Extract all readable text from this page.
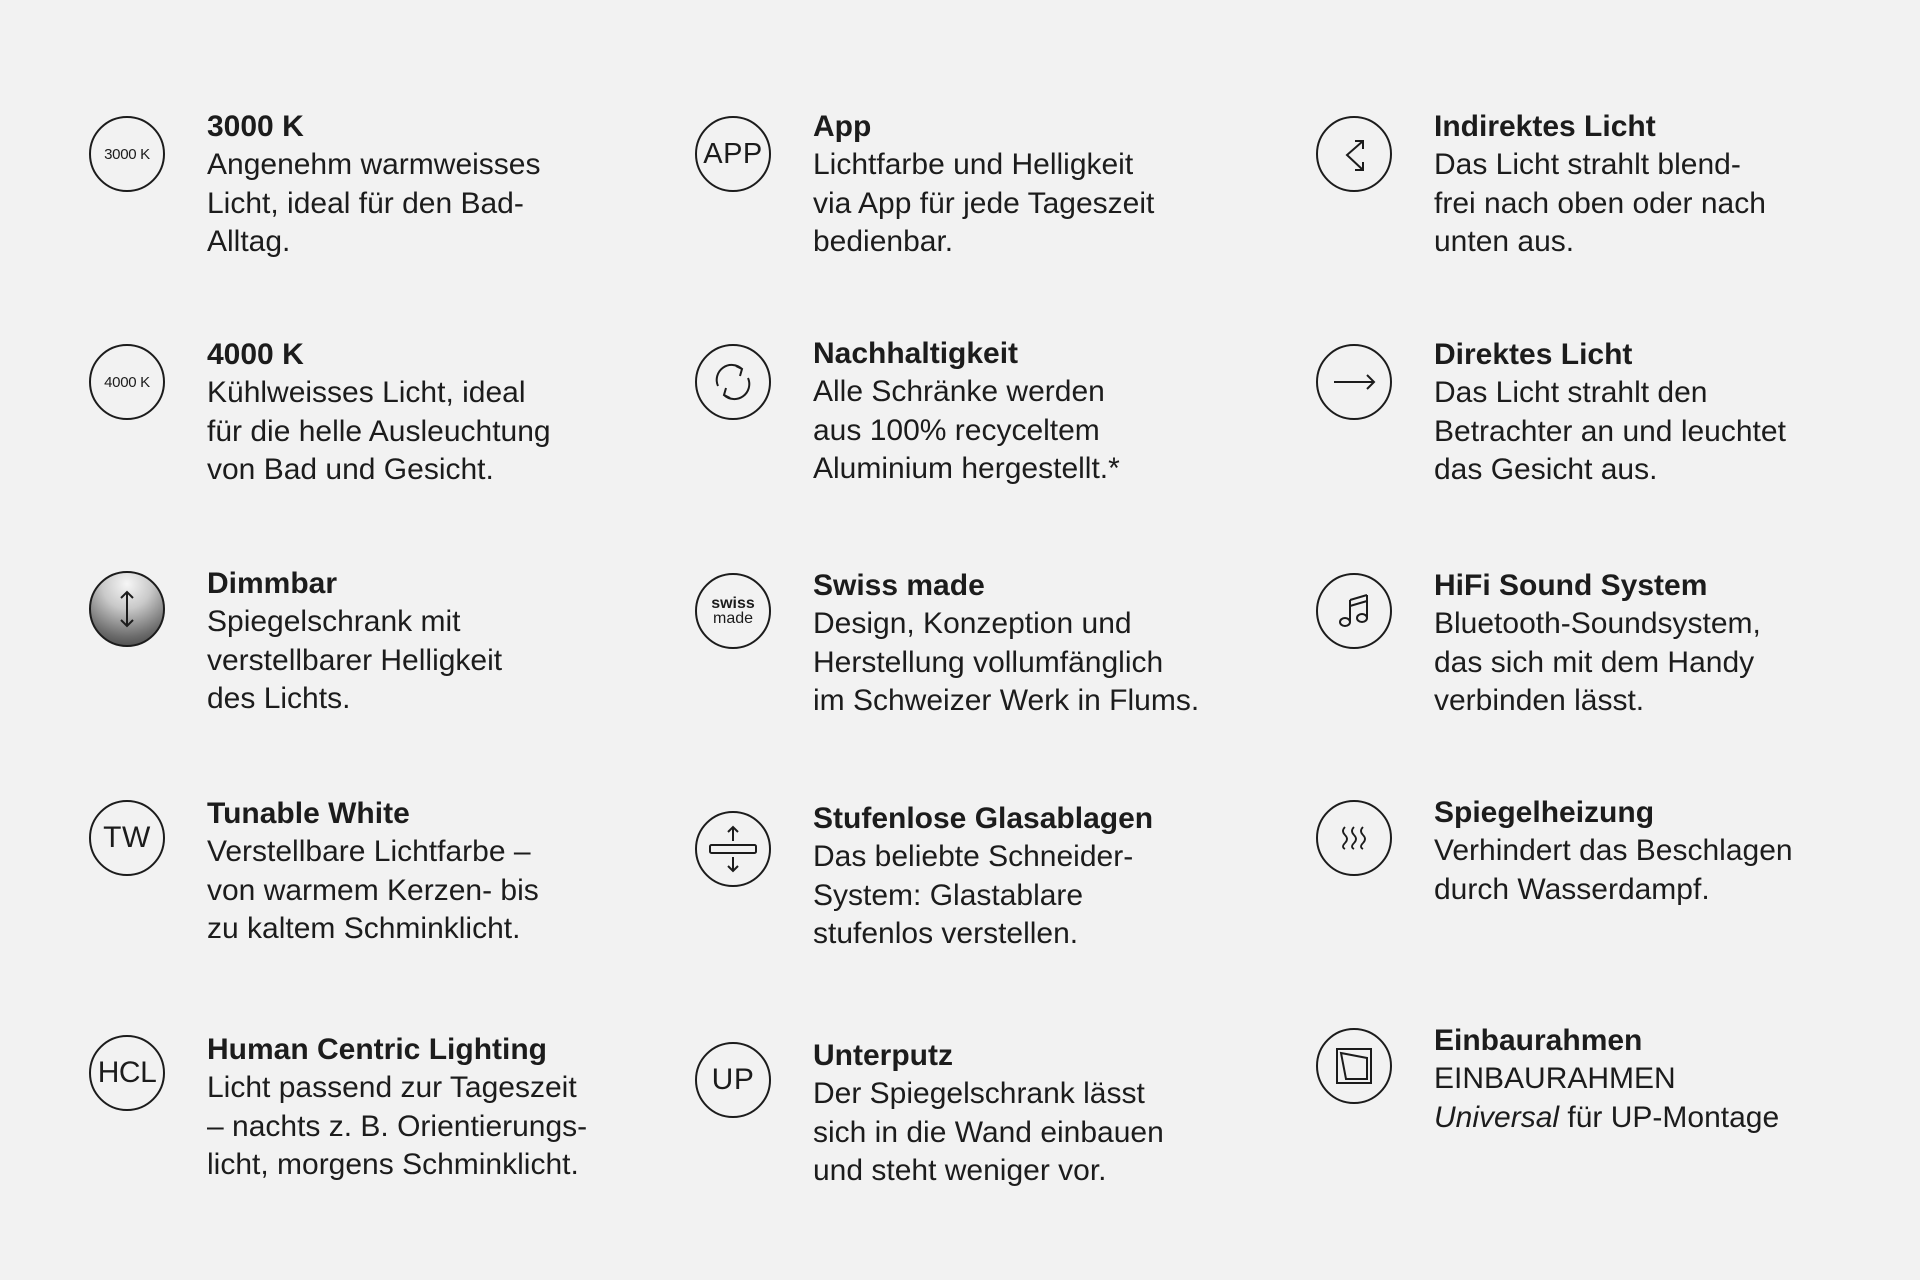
3000 K

3000 K

Angenehm warmweisses
Licht, ideal für den Bad-
Alltag.

4000 K

4000 K

Kühlweisses Licht, ideal
für die helle Ausleuchtung
von Bad und Gesicht.

Dimmbar

Spiegelschrank mit
verstellbarer Helligkeit
des Lichts.

TW

Tunable White

Verstellbare Lichtfarbe –
von warmem Kerzen- bis
zu kaltem Schminklicht.

HCL

Human Centric Lighting

Licht passend zur Tageszeit
– nachts z. B. Orientierungs-
licht, morgens Schminklicht.

APP

App

Lichtfarbe und Helligkeit
via App für jede Tageszeit
bedienbar.

Nachhaltigkeit

Alle Schränke werden
aus 100% recyceltem
Aluminium hergestellt.*

swiss
made

Swiss made

Design, Konzeption und
Herstellung vollumfänglich
im Schweizer Werk in Flums.

Stufenlose Glasablagen

Das beliebte Schneider-
System: Glastablare
stufenlos verstellen.

UP

Unterputz

Der Spiegelschrank lässt
sich in die Wand einbauen
und steht weniger vor.

Indirektes Licht

Das Licht strahlt blend-
frei nach oben oder nach
unten aus.

Direktes Licht

Das Licht strahlt den
Betrachter an und leuchtet
das Gesicht aus.

HiFi Sound System

Bluetooth-Soundsystem,
das sich mit dem Handy
verbinden lässt.

Spiegelheizung

Verhindert das Beschlagen
durch Wasserdampf.

Einbaurahmen

EINBAURAHMEN
Universal für UP-Montage
